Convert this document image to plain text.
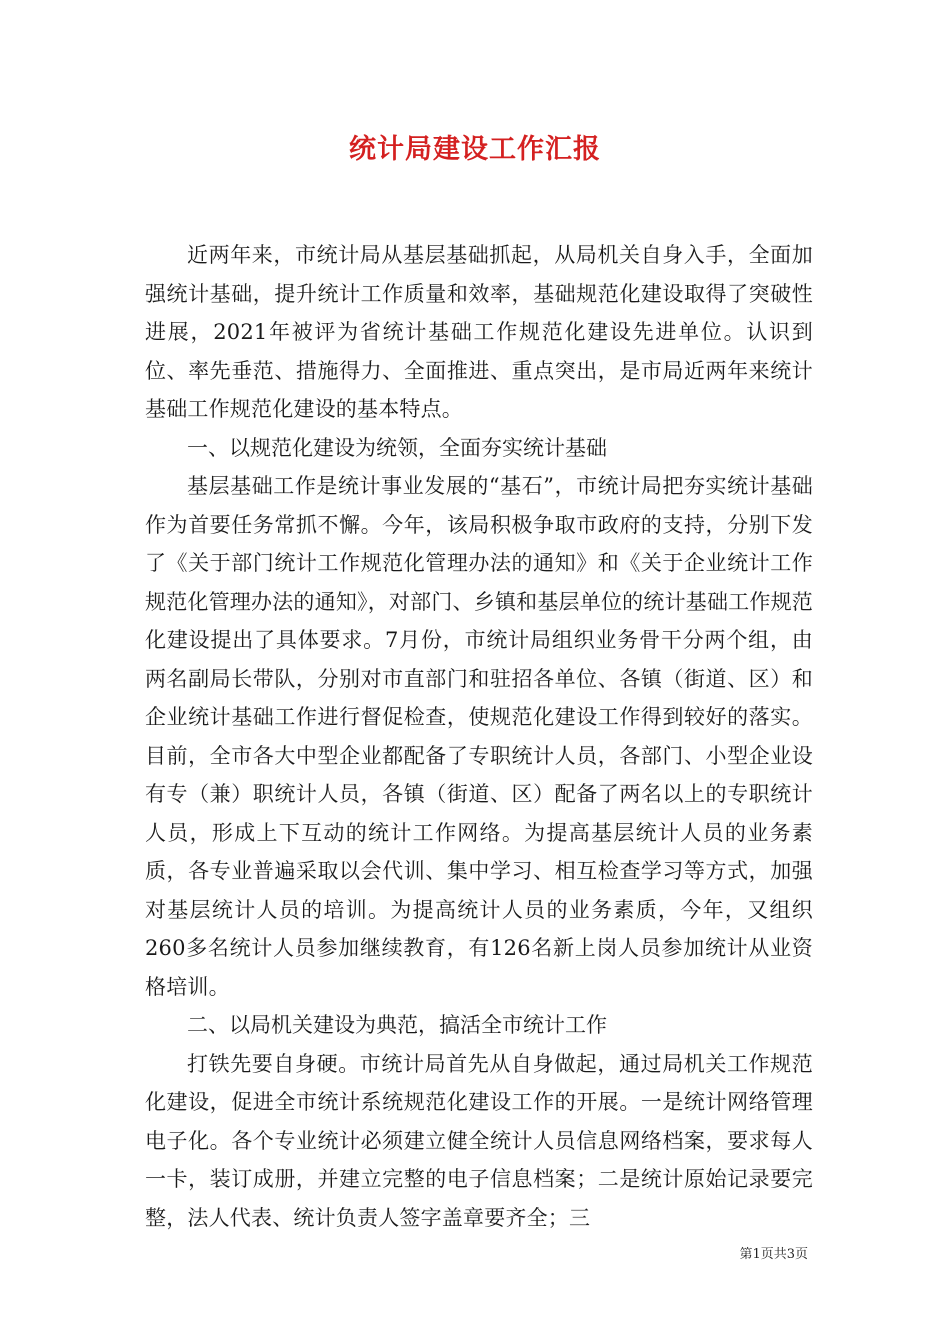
统计局建设工作汇报

近两年来，市统计局从基层基础抓起，从局机关自身入手，全面加强统计基础，提升统计工作质量和效率，基础规范化建设取得了突破性进展，2021年被评为省统计基础工作规范化建设先进单位。认识到位、率先垂范、措施得力、全面推进、重点突出，是市局近两年来统计基础工作规范化建设的基本特点。

一、以规范化建设为统领，全面夯实统计基础

基层基础工作是统计事业发展的“基石”，市统计局把夯实统计基础作为首要任务常抓不懈。今年，该局积极争取市政府的支持，分别下发了《关于部门统计工作规范化管理办法的通知》和《关于企业统计工作规范化管理办法的通知》，对部门、乡镇和基层单位的统计基础工作规范化建设提出了具体要求。7月份，市统计局组织业务骨干分两个组，由两名副局长带队，分别对市直部门和驻招各单位、各镇（街道、区）和企业统计基础工作进行督促检查，使规范化建设工作得到较好的落实。目前，全市各大中型企业都配备了专职统计人员，各部门、小型企业设有专（兼）职统计人员，各镇（街道、区）配备了两名以上的专职统计人员，形成上下互动的统计工作网络。为提高基层统计人员的业务素质，各专业普遍采取以会代训、集中学习、相互检查学习等方式，加强对基层统计人员的培训。为提高统计人员的业务素质，今年，又组织260多名统计人员参加继续教育，有126名新上岗人员参加统计从业资格培训。

二、以局机关建设为典范，搞活全市统计工作

打铁先要自身硬。市统计局首先从自身做起，通过局机关工作规范化建设，促进全市统计系统规范化建设工作的开展。一是统计网络管理电子化。各个专业统计必须建立健全统计人员信息网络档案，要求每人一卡，装订成册，并建立完整的电子信息档案；二是统计原始记录要完整，法人代表、统计负责人签字盖章要齐全；三

第1页共3页
